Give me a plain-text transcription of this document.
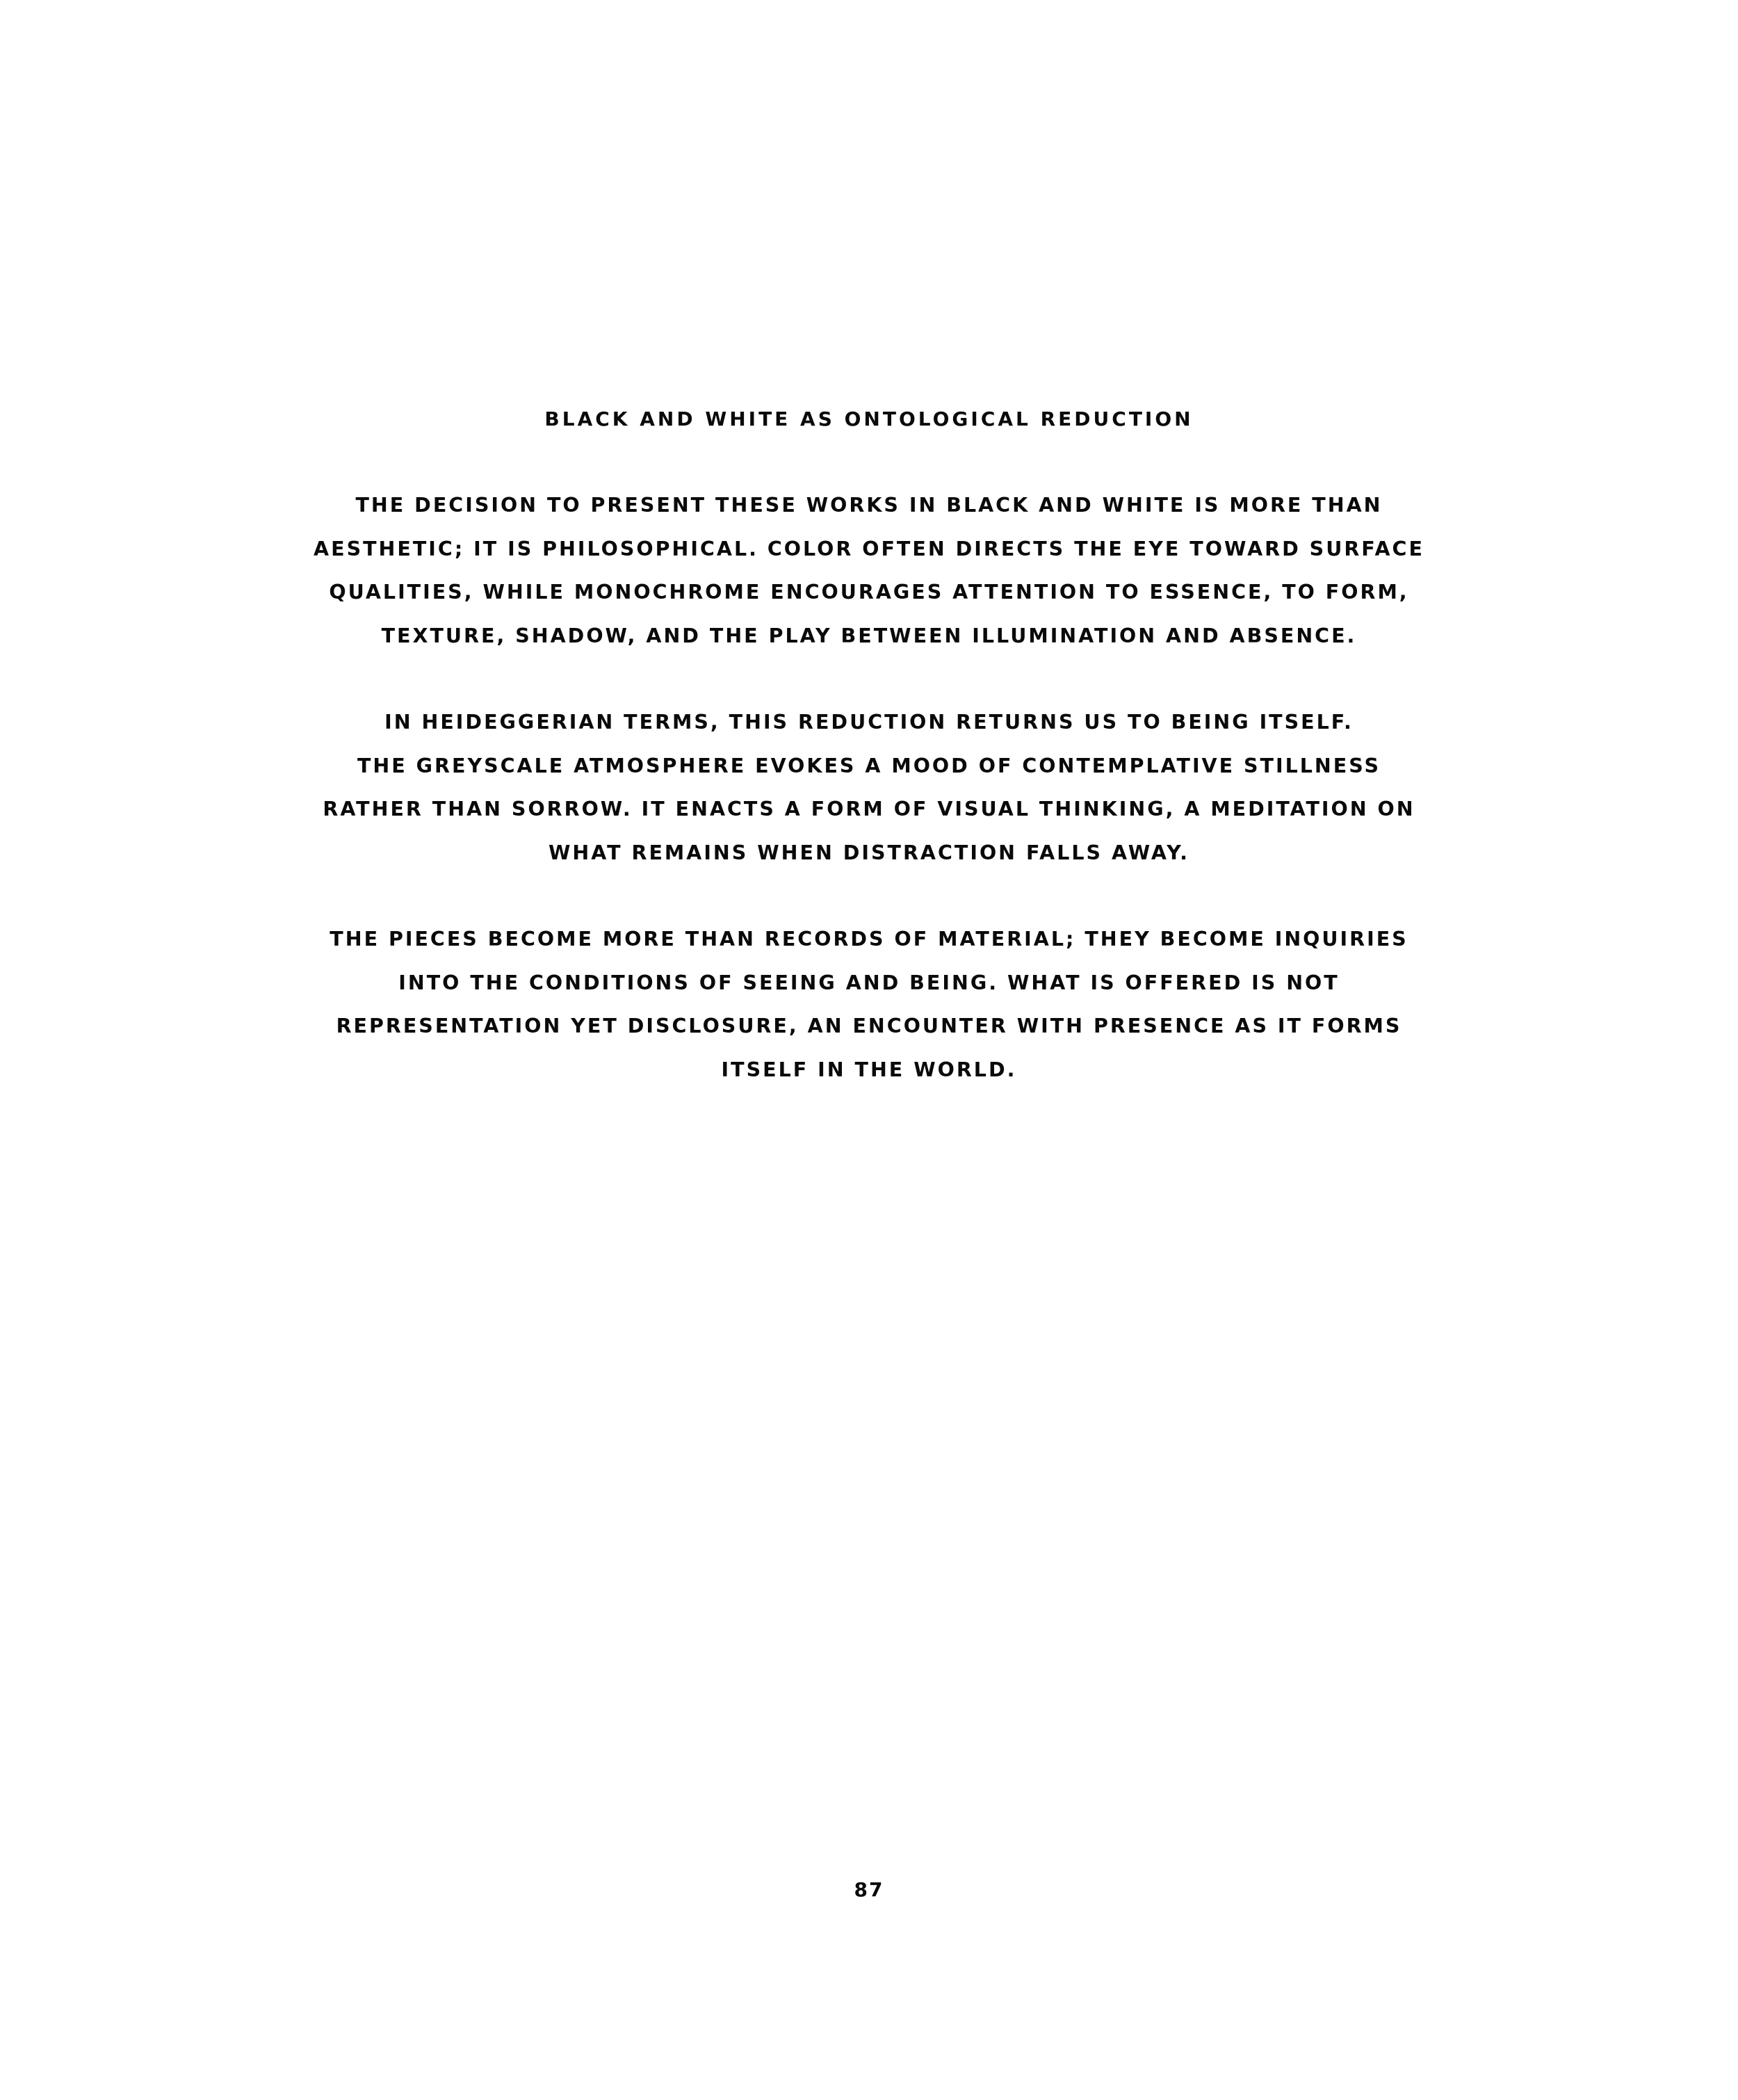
BLACK AND WHITE AS ONTOLOGICAL REDUCTION
THE DECISION TO PRESENT THESE WORKS IN BLACK AND WHITE IS MORE THAN
AESTHETIC; IT IS PHILOSOPHICAL. COLOR OFTEN DIRECTS THE EYE TOWARD SURFACE
QUALITIES, WHILE MONOCHROME ENCOURAGES ATTENTION TO ESSENCE, TO FORM,
TEXTURE, SHADOW, AND THE PLAY BETWEEN ILLUMINATION AND ABSENCE.
IN HEIDEGGERIAN TERMS, THIS REDUCTION RETURNS US TO BEING ITSELF.
THE GREYSCALE ATMOSPHERE EVOKES A MOOD OF CONTEMPLATIVE STILLNESS
RATHER THAN SORROW. IT ENACTS A FORM OF VISUAL THINKING, A MEDITATION ON
WHAT REMAINS WHEN DISTRACTION FALLS AWAY.
THE PIECES BECOME MORE THAN RECORDS OF MATERIAL; THEY BECOME INQUIRIES
INTO THE CONDITIONS OF SEEING AND BEING. WHAT IS OFFERED IS NOT
REPRESENTATION YET DISCLOSURE, AN ENCOUNTER WITH PRESENCE AS IT FORMS
ITSELF IN THE WORLD.
87
